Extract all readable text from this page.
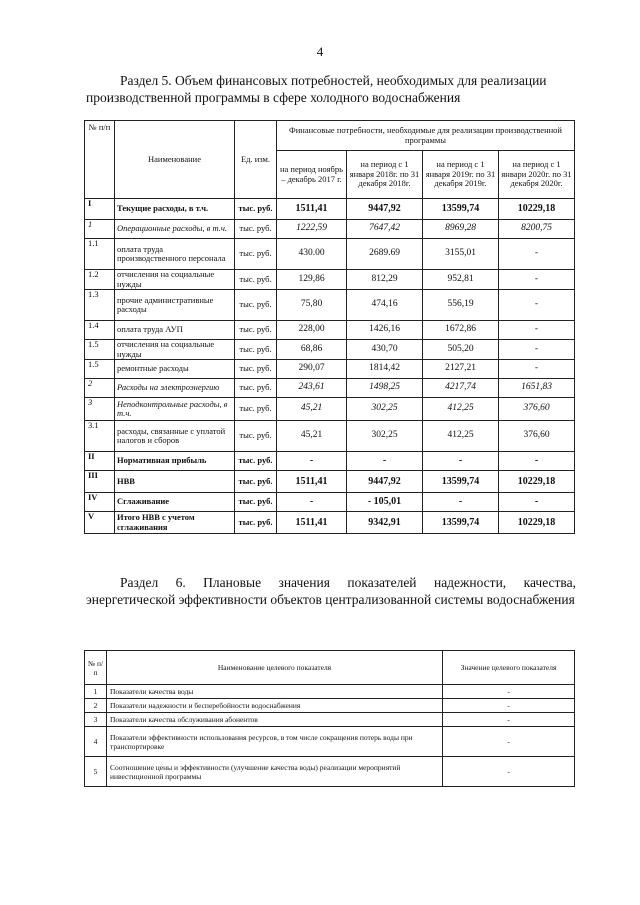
4
Раздел 5. Объем финансовых потребностей, необходимых для реализации производственной программы в сфере холодного водоснабжения
№ п/п	Наименование	Ед. изм.	Финансовые потребности, необходимые для реализации производственной программы			
			на период ноябрь – декабрь 2017 г.	на период с 1 января 2018г. по 31 декабря 2018г.	на период с 1 января 2019г. по 31 декабря 2019г.	на период с 1 январи 2020г. по 31 декабря 2020г.
I	Текущие расходы, в т.ч.	тыс. руб.	1511,41	9447,92	13599,74	10229,18
1	Операционные расходы, в т.ч.	тыс. руб.	1222,59	7647,42	8969,28	8200,75
1.1	оплата труда производственного персонала	тыс. руб.	430.00	2689.69	3155,01	-
1.2	отчисления на социальные нужды	тыс. руб.	129,86	812,29	952,81	-
1.3	прочие административные расходы	тыс. руб.	75,80	474,16	556,19	-
1.4	оплата труда АУП	тыс. руб.	228,00	1426,16	1672,86	-
1.5	отчисления на социальные нужды	тыс. руб.	68,86	430,70	505,20	-
1.5	ремонтные расходы	тыс. руб.	290,07	1814,42	2127,21	-
2	Расходы на электроэнергию	тыс. руб.	243,61	1498,25	4217,74	1651,83
3	Неподконтрольные расходы, в т.ч.	тыс. руб.	45,21	302,25	412,25	376,60
3.1	расходы, связанные с уплатой налогов и сборов	тыс. руб.	45,21	302,25	412,25	376,60
II	Нормативная прибыль	тыс. руб.	-	-	-	-
III	НВВ	тыс. руб.	1511,41	9447,92	13599,74	10229,18
IV	Сглаживание	тыс. руб.	-	- 105,01	-	-
V	Итого НВВ с учетом сглаживания	тыс. руб.	1511,41	9342,91	13599,74	10229,18
Раздел 6. Плановые значения показателей надежности, качества, энергетической эффективности объектов централизованной системы водоснабжения
№ п/п	Наименование целевого показателя	Значение целевого показателя
1	Показатели качества воды	-
2	Показатели надежности и бесперебойности водоснабжения	-
3	Показатели качества обслуживания абонентов	-
4	Показатели эффективности использования ресурсов, в том числе сокращения потерь воды при транспортировке	-
5	Соотношение цены и эффективности (улучшение качества воды) реализации мероприятий инвестиционной программы	-
